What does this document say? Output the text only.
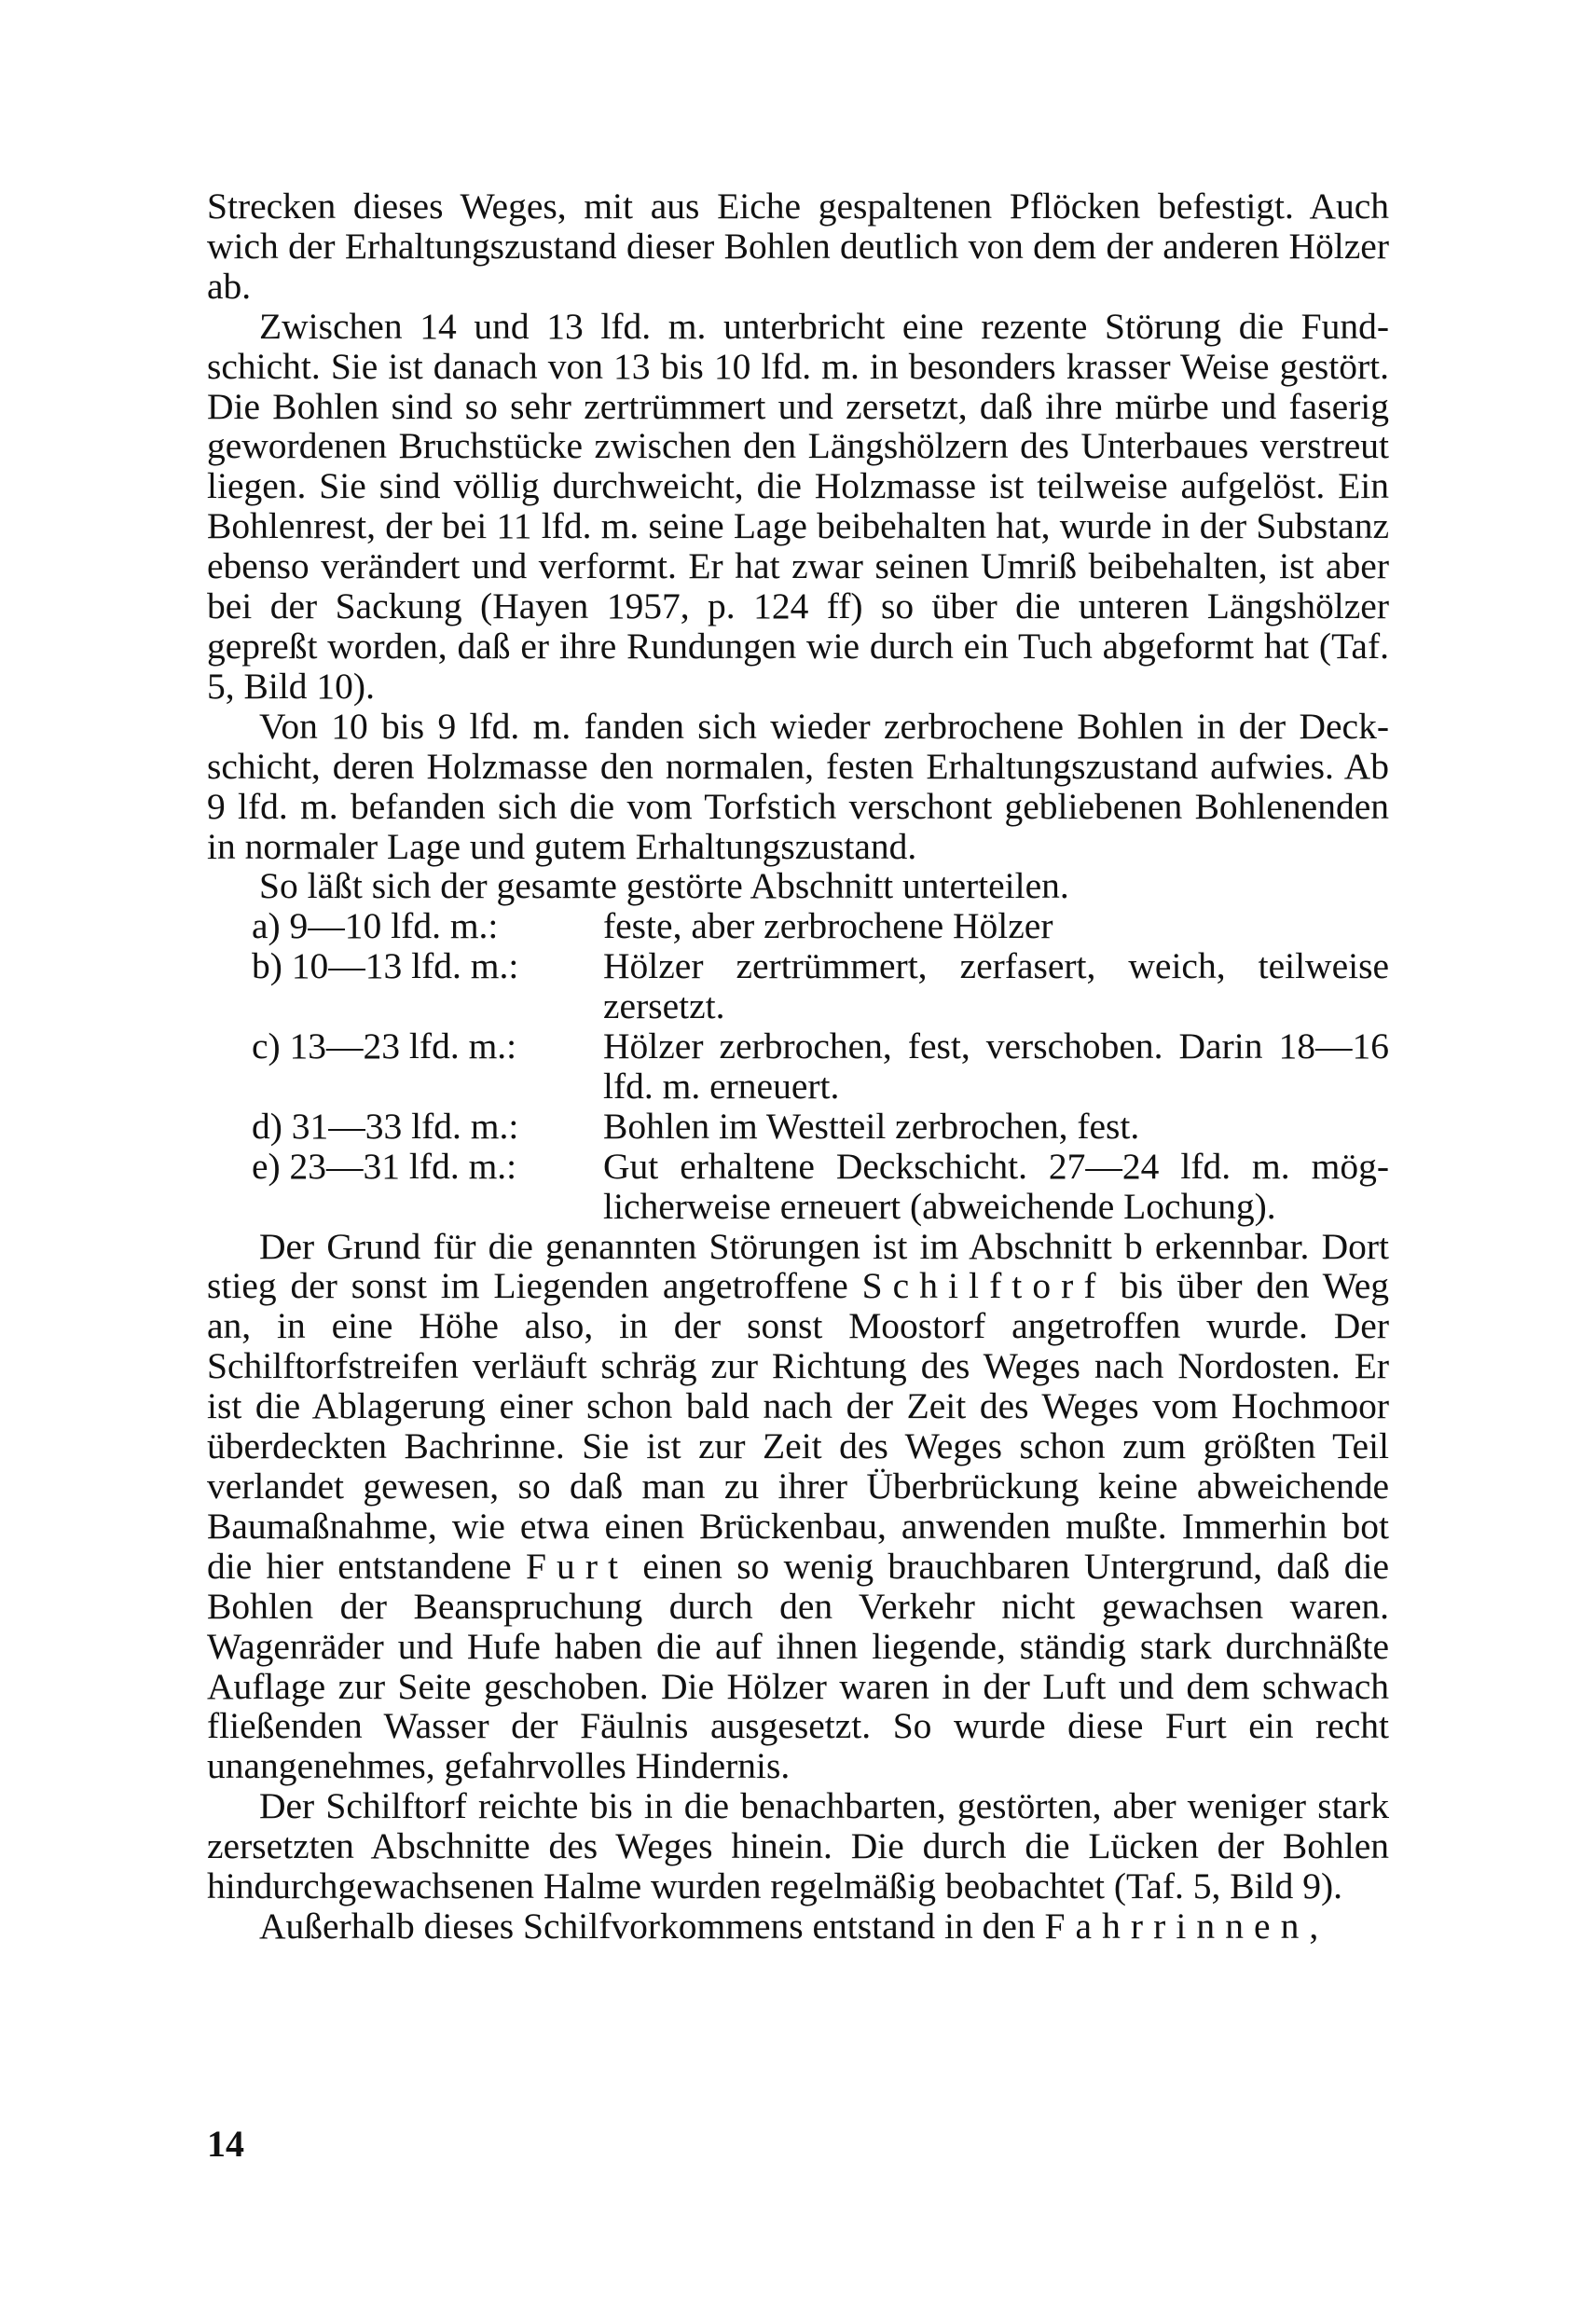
Strecken dieses Weges, mit aus Eiche gespaltenen Pflöcken befestigt. Auch wich der Erhaltungszustand dieser Bohlen deutlich von dem der anderen Hölzer ab.

Zwischen 14 und 13 lfd. m. unterbricht eine rezente Störung die Fundschicht. Sie ist danach von 13 bis 10 lfd. m. in besonders krasser Weise gestört. Die Bohlen sind so sehr zertrümmert und zersetzt, daß ihre mürbe und faserig gewordenen Bruchstücke zwischen den Längshölzern des Unterbaues verstreut liegen. Sie sind völlig durchweicht, die Holzmasse ist teilweise aufgelöst. Ein Bohlenrest, der bei 11 lfd. m. seine Lage beibehalten hat, wurde in der Substanz ebenso verändert und verformt. Er hat zwar seinen Umriß beibehalten, ist aber bei der Sackung (Hayen 1957, p. 124 ff) so über die unteren Längshölzer gepreßt worden, daß er ihre Rundungen wie durch ein Tuch abgeformt hat (Taf. 5, Bild 10).

Von 10 bis 9 lfd. m. fanden sich wieder zerbrochene Bohlen in der Deckschicht, deren Holzmasse den normalen, festen Erhaltungszustand aufwies. Ab 9 lfd. m. befanden sich die vom Torfstich verschont gebliebenen Bohlenenden in normaler Lage und gutem Erhaltungszustand.

So läßt sich der gesamte gestörte Abschnitt unterteilen.

a) 9—10 lfd. m.:	feste, aber zerbrochene Hölzer
b) 10—13 lfd. m.:	Hölzer zertrümmert, zerfasert, weich, teilweise zersetzt.
c) 13—23 lfd. m.:	Hölzer zerbrochen, fest, verschoben. Darin 18—16 lfd. m. erneuert.
d) 31—33 lfd. m.:	Bohlen im Westteil zerbrochen, fest.
e) 23—31 lfd. m.:	Gut erhaltene Deckschicht. 27—24 lfd. m. möglicherweise erneuert (abweichende Lochung).

Der Grund für die genannten Störungen ist im Abschnitt b erkennbar. Dort stieg der sonst im Liegenden angetroffene Schilftorf bis über den Weg an, in eine Höhe also, in der sonst Moostorf angetroffen wurde. Der Schilftorfstreifen verläuft schräg zur Richtung des Weges nach Nordosten. Er ist die Ablagerung einer schon bald nach der Zeit des Weges vom Hochmoor überdeckten Bachrinne. Sie ist zur Zeit des Weges schon zum größten Teil verlandet gewesen, so daß man zu ihrer Überbrückung keine abweichende Baumaßnahme, wie etwa einen Brückenbau, anwenden mußte. Immerhin bot die hier entstandene Furt einen so wenig brauchbaren Untergrund, daß die Bohlen der Beanspruchung durch den Verkehr nicht gewachsen waren. Wagenräder und Hufe haben die auf ihnen liegende, ständig stark durchnäßte Auflage zur Seite geschoben. Die Hölzer waren in der Luft und dem schwach fließenden Wasser der Fäulnis ausgesetzt. So wurde diese Furt ein recht unangenehmes, gefahrvolles Hindernis.

Der Schilftorf reichte bis in die benachbarten, gestörten, aber weniger stark zersetzten Abschnitte des Weges hinein. Die durch die Lücken der Bohlen hindurchgewachsenen Halme wurden regelmäßig beobachtet (Taf. 5, Bild 9).

Außerhalb dieses Schilfvorkommens entstand in den Fahrrinnen,

14
